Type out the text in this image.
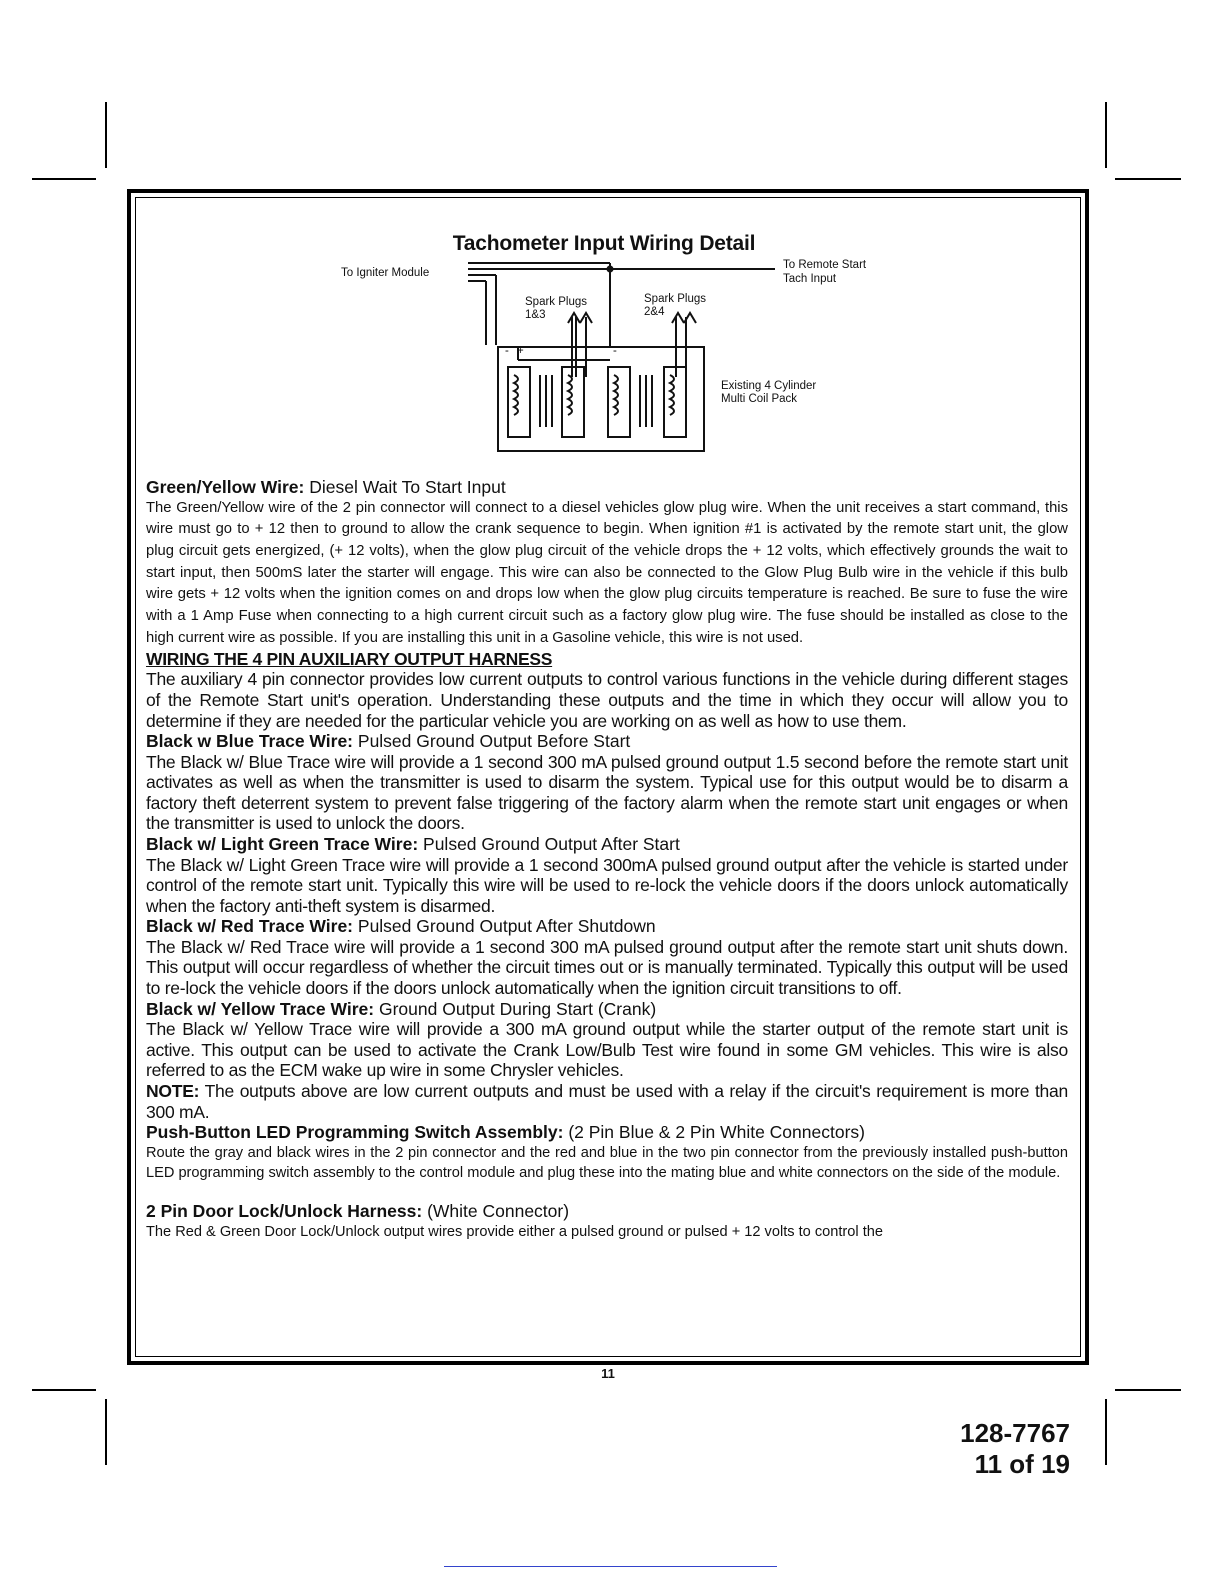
Tachometer Input Wiring Detail
To Igniter Module
To Remote Start
Tach Input
Spark Plugs
1&3
Spark Plugs
2&4
Existing 4 Cylinder
Multi Coil Pack
- +	-

Green/Yellow Wire: Diesel Wait To Start Input

The Green/Yellow wire of the 2 pin connector will connect to a diesel vehicles glow plug wire. When the unit receives a start command, this wire must go to + 12 then to ground to allow the crank sequence to begin. When ignition #1 is activated by the remote start unit, the glow plug circuit gets energized, (+ 12 volts), when the glow plug circuit of the vehicle drops the + 12 volts, which effectively grounds the wait to start input, then 500mS later the starter will engage. This wire can also be connected to the Glow Plug Bulb wire in the vehicle if this bulb wire gets + 12 volts when the ignition comes on and drops low when the glow plug circuits temperature is reached. Be sure to fuse the wire with a 1 Amp Fuse when connecting to a high current circuit such as a factory glow plug wire. The fuse should be installed as close to the high current wire as possible. If you are installing this unit in a Gasoline vehicle, this wire is not used.

WIRING THE 4 PIN AUXILIARY OUTPUT HARNESS

The auxiliary 4 pin connector provides low current outputs to control various functions in the vehicle during different stages of the Remote Start unit's operation. Understanding these outputs and the time in which they occur will allow you to determine if they are needed for the particular vehicle you are working on as well as how to use them.

Black w Blue Trace Wire: Pulsed Ground Output Before Start

The Black w/ Blue Trace wire will provide a 1 second 300 mA pulsed ground output 1.5 second before the remote start unit activates as well as when the transmitter is used to disarm the system. Typical use for this output would be to disarm a factory theft deterrent system to prevent false triggering of the factory alarm when the remote start unit engages or when the transmitter is used to unlock the doors.

Black w/ Light Green Trace Wire: Pulsed Ground Output After Start

The Black w/ Light Green Trace wire will provide a 1 second 300mA pulsed ground output after the vehicle is started under control of the remote start unit. Typically this wire will be used to re-lock the vehicle doors if the doors unlock automatically when the factory anti-theft system is disarmed.

Black w/ Red Trace Wire: Pulsed Ground Output After Shutdown

The Black w/ Red Trace wire will provide a 1 second 300 mA pulsed ground output after the remote start unit shuts down. This output will occur regardless of whether the circuit times out or is manually terminated. Typically this output will be used to re-lock the vehicle doors if the doors unlock automatically when the ignition circuit transitions to off.

Black w/ Yellow Trace Wire: Ground Output During Start (Crank)

The Black w/ Yellow Trace wire will provide a 300 mA ground output while the starter output of the remote start unit is active. This output can be used to activate the Crank Low/Bulb Test wire found in some GM vehicles. This wire is also referred to as the ECM wake up wire in some Chrysler vehicles.

NOTE: The outputs above are low current outputs and must be used with a relay if the circuit's requirement is more than 300 mA.

Push-Button LED Programming Switch Assembly: (2 Pin Blue & 2 Pin White Connectors)

Route the gray and black wires in the 2 pin connector and the red and blue in the two pin connector from the previously installed push-button LED programming switch assembly to the control module and plug these into the mating blue and white connectors on the side of the module.

2 Pin Door Lock/Unlock Harness: (White Connector)

The Red & Green Door Lock/Unlock output wires provide either a pulsed ground or pulsed + 12 volts to control the

11
128-7767
11 of 19
